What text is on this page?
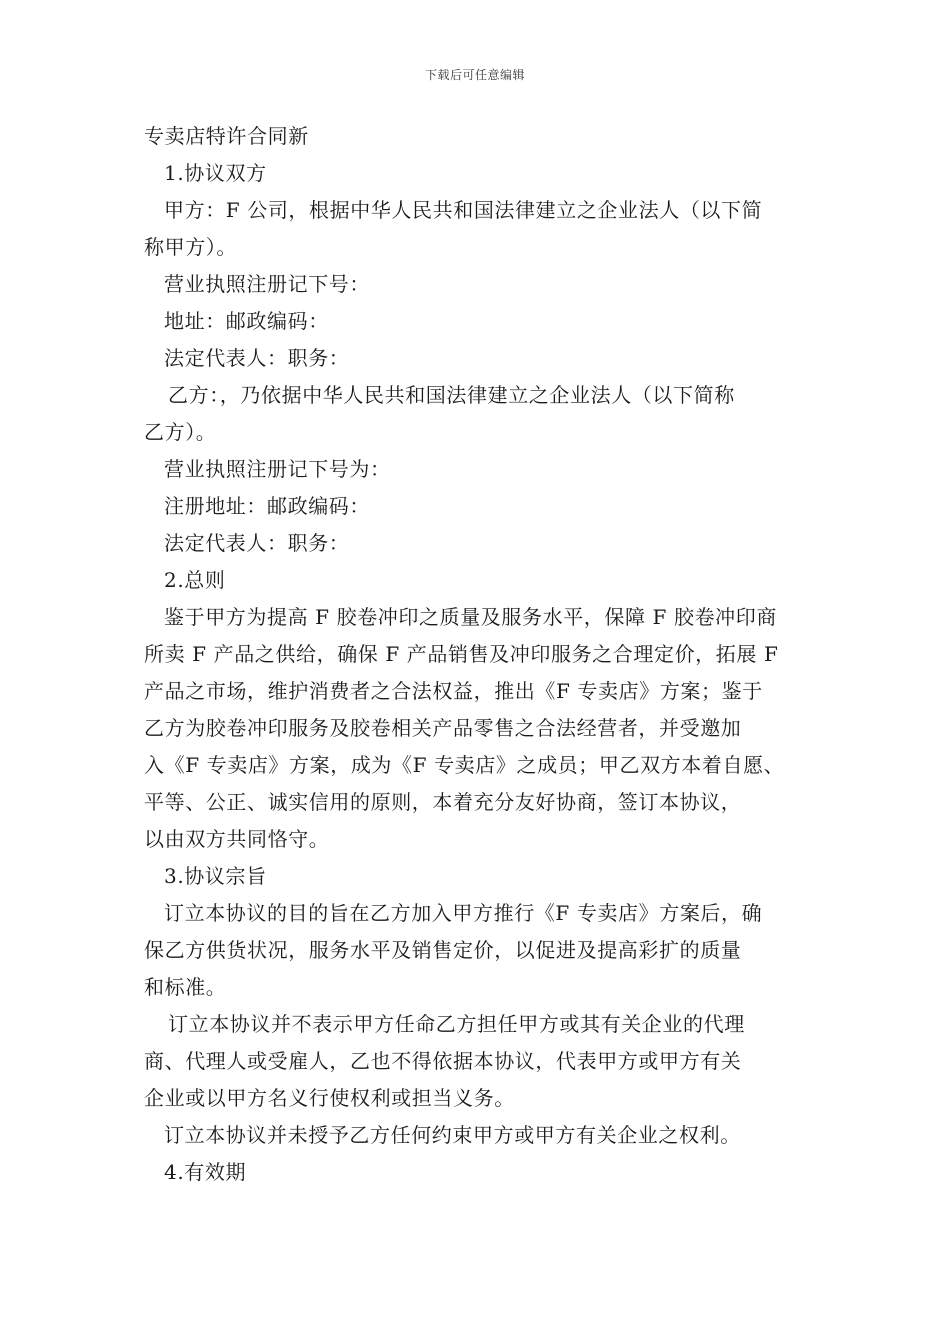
下载后可任意编辑
专卖店特许合同新
1.协议双方
甲方：F 公司，根据中华人民共和国法律建立之企业法人（以下简
称甲方）。
营业执照注册记下号：
地址：邮政编码：
法定代表人：职务：
乙方：，乃依据中华人民共和国法律建立之企业法人（以下简称
乙方）。
营业执照注册记下号为：
注册地址：邮政编码：
法定代表人：职务：
2.总则
鉴于甲方为提高 F 胶卷冲印之质量及服务水平，保障 F 胶卷冲印商
所卖 F 产品之供给，确保 F 产品销售及冲印服务之合理定价，拓展 F
产品之市场，维护消费者之合法权益，推出《F 专卖店》方案；鉴于
乙方为胶卷冲印服务及胶卷相关产品零售之合法经营者，并受邀加
入《F 专卖店》方案，成为《F 专卖店》之成员；甲乙双方本着自愿、
平等、公正、诚实信用的原则，本着充分友好协商，签订本协议，
以由双方共同恪守。
3.协议宗旨
订立本协议的目的旨在乙方加入甲方推行《F 专卖店》方案后，确
保乙方供货状况，服务水平及销售定价，以促进及提高彩扩的质量
和标准。
订立本协议并不表示甲方任命乙方担任甲方或其有关企业的代理
商、代理人或受雇人，乙也不得依据本协议，代表甲方或甲方有关
企业或以甲方名义行使权利或担当义务。
订立本协议并未授予乙方任何约束甲方或甲方有关企业之权利。
4.有效期
